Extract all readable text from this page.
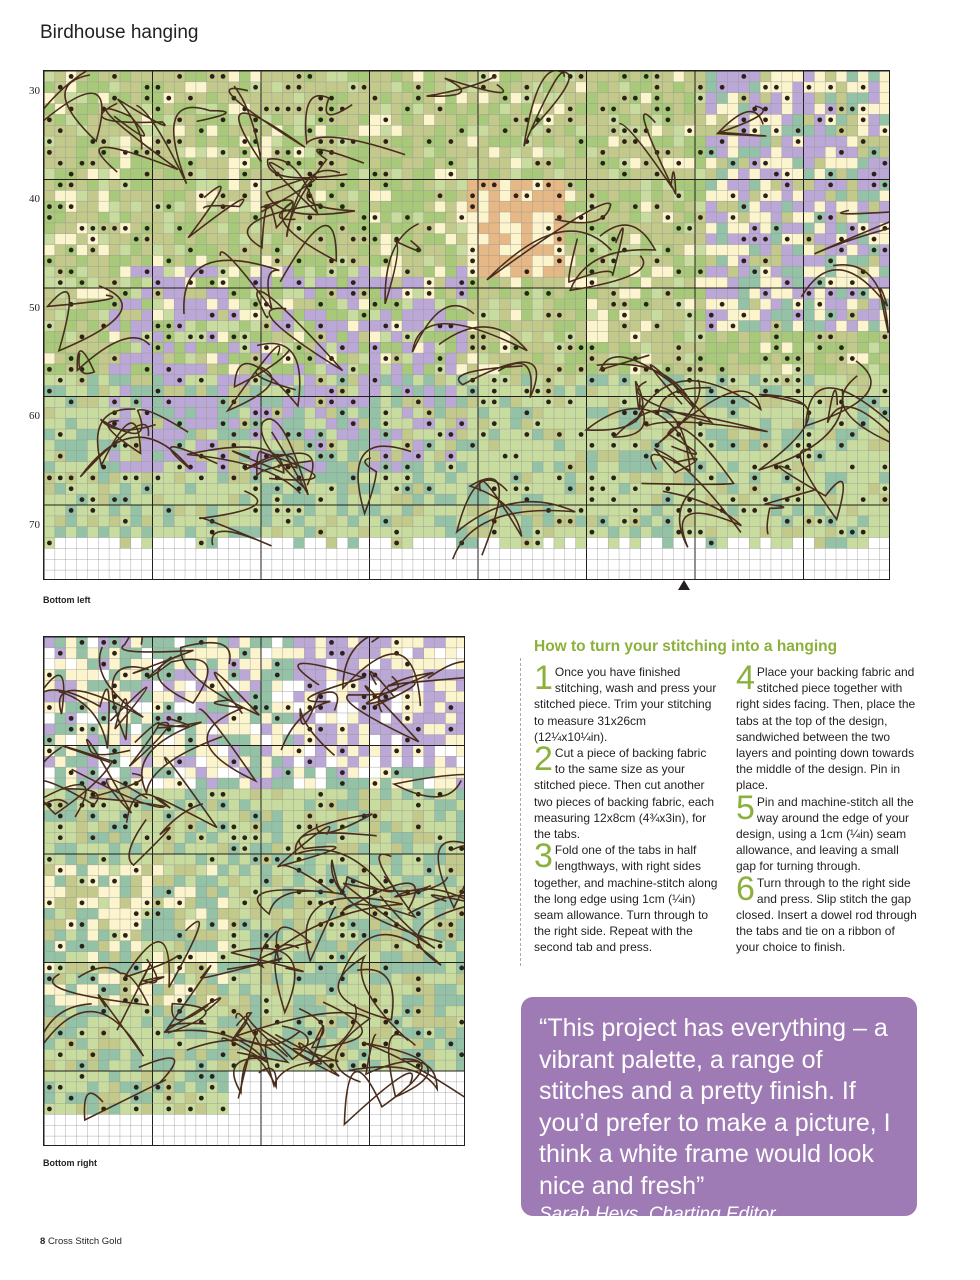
Birdhouse hanging
30
40
50
60
70
Bottom left
Bottom right
How to turn your stitching into a hanging

1 Once you have finished stitching, wash and press your stitched piece. Trim your stitching to measure 31x26cm (12¼x10¼in).

2 Cut a piece of backing fabric to the same size as your stitched piece. Then cut another two pieces of backing fabric, each measuring 12x8cm (4¾x3in), for the tabs.

3 Fold one of the tabs in half lengthways, with right sides together, and machine-stitch along the long edge using 1cm (¼in) seam allowance. Turn through to the right side. Repeat with the second tab and press.

4 Place your backing fabric and stitched piece together with right sides facing. Then, place the tabs at the top of the design, sandwiched between the two layers and pointing down towards the middle of the design. Pin in place.

5 Pin and machine-stitch all the way around the edge of your design, using a 1cm (¼in) seam allowance, and leaving a small gap for turning through.

6 Turn through to the right side and press. Slip stitch the gap closed. Insert a dowel rod through the tabs and tie on a ribbon of your choice to finish.

“This project has everything – a vibrant palette, a range of stitches and a pretty finish. If you’d prefer to make a picture, I think a white frame would look nice and fresh”

Sarah Heys, Charting Editor
8 Cross Stitch Gold
